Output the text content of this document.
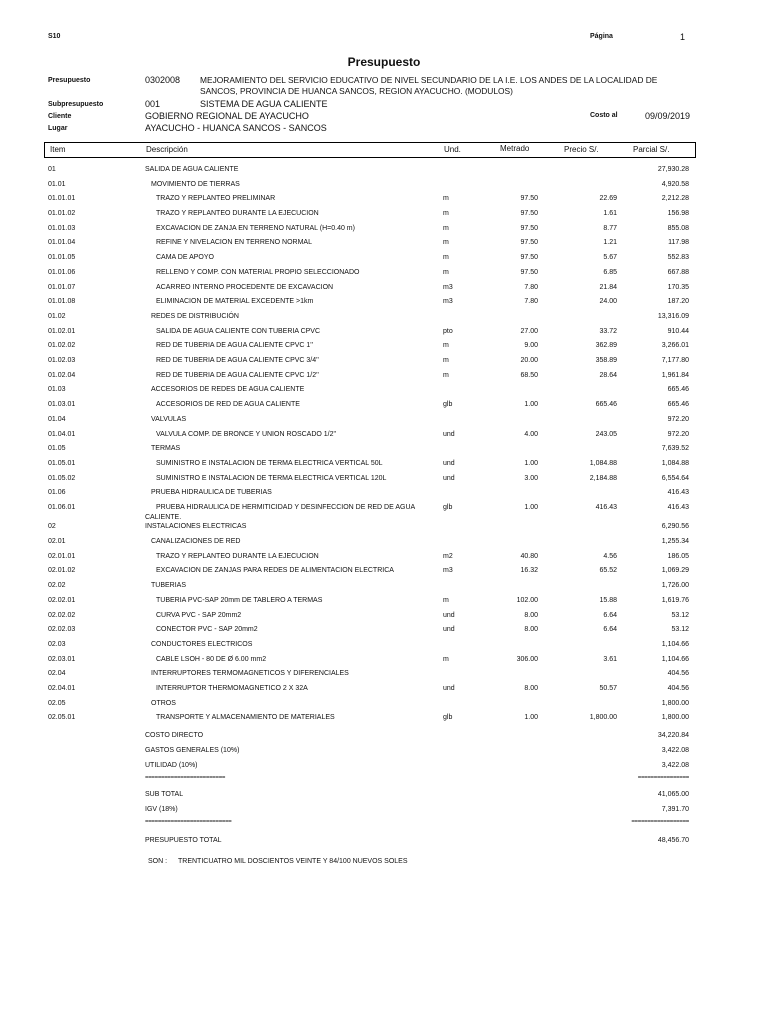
S10	Página	1
Presupuesto
Presupuesto	0302008 MEJORAMIENTO DEL SERVICIO EDUCATIVO DE NIVEL SECUNDARIO DE LA I.E. LOS ANDES DE LA LOCALIDAD DE SANCOS, PROVINCIA DE HUANCA SANCOS, REGION AYACUCHO. (MODULOS)
Subpresupuesto	001	SISTEMA DE AGUA CALIENTE
Cliente	GOBIERNO REGIONAL DE AYACUCHO	Costo al	09/09/2019
Lugar	AYACUCHO - HUANCA SANCOS - SANCOS
Item	Descripción	Und.	Metrado	Precio S/.	Parcial S/.
01	SALIDA DE AGUA CALIENTE	27,930.28
01.01	MOVIMIENTO DE TIERRAS	4,920.58
01.01.01	TRAZO Y REPLANTEO PRELIMINAR	m	97.50	22.69	2,212.28
01.01.02	TRAZO Y REPLANTEO DURANTE LA EJECUCION	m	97.50	1.61	156.98
01.01.03	EXCAVACION DE ZANJA EN TERRENO NATURAL (H=0.40 m)	m	97.50	8.77	855.08
01.01.04	REFINE Y NIVELACION EN TERRENO NORMAL	m	97.50	1.21	117.98
01.01.05	CAMA DE APOYO	m	97.50	5.67	552.83
01.01.06	RELLENO Y COMP. CON MATERIAL PROPIO SELECCIONADO	m	97.50	6.85	667.88
01.01.07	ACARREO INTERNO PROCEDENTE DE EXCAVACION	m3	7.80	21.84	170.35
01.01.08	ELIMINACION DE MATERIAL EXCEDENTE >1km	m3	7.80	24.00	187.20
01.02	REDES DE DISTRIBUCIÓN	13,316.09
01.02.01	SALIDA DE AGUA CALIENTE CON TUBERIA CPVC	pto	27.00	33.72	910.44
01.02.02	RED DE TUBERIA DE AGUA CALIENTE CPVC 1''	m	9.00	362.89	3,266.01
01.02.03	RED DE TUBERIA DE AGUA CALIENTE CPVC 3/4''	m	20.00	358.89	7,177.80
01.02.04	RED DE TUBERIA DE AGUA CALIENTE CPVC 1/2''	m	68.50	28.64	1,961.84
01.03	ACCESORIOS DE REDES DE AGUA CALIENTE	665.46
01.03.01	ACCESORIOS DE RED DE AGUA CALIENTE	glb	1.00	665.46	665.46
01.04	VALVULAS	972.20
01.04.01	VALVULA COMP. DE BRONCE Y UNION ROSCADO 1/2"	und	4.00	243.05	972.20
01.05	TERMAS	7,639.52
01.05.01	SUMINISTRO E INSTALACION DE TERMA ELECTRICA VERTICAL 50L	und	1.00	1,084.88	1,084.88
01.05.02	SUMINISTRO E INSTALACION DE TERMA ELECTRICA VERTICAL 120L	und	3.00	2,184.88	6,554.64
01.06	PRUEBA HIDRAULICA DE TUBERIAS	416.43
01.06.01	PRUEBA HIDRAULICA DE HERMITICIDAD Y DESINFECCION DE RED DE AGUA	glb	1.00	416.43	416.43
CALIENTE.
02	INSTALACIONES ELECTRICAS	6,290.56
02.01	CANALIZACIONES DE RED	1,255.34
02.01.01	TRAZO Y REPLANTEO DURANTE LA EJECUCION	m2	40.80	4.56	186.05
02.01.02	EXCAVACION DE ZANJAS PARA REDES DE ALIMENTACION ELECTRICA	m3	16.32	65.52	1,069.29
02.02	TUBERIAS	1,726.00
02.02.01	TUBERIA PVC-SAP 20mm DE TABLERO A TERMAS	m	102.00	15.88	1,619.76
02.02.02	CURVA PVC - SAP 20mm2	und	8.00	6.64	53.12
02.02.03	CONECTOR PVC - SAP 20mm2	und	8.00	6.64	53.12
02.03	CONDUCTORES ELECTRICOS	1,104.66
02.03.01	CABLE LSOH - 80 DE Ø 6.00 mm2	m	306.00	3.61	1,104.66
02.04	INTERRUPTORES TERMOMAGNETICOS Y DIFERENCIALES	404.56
02.04.01	INTERRUPTOR THERMOMAGNETICO 2 X 32A	und	8.00	50.57	404.56
02.05	OTROS	1,800.00
02.05.01	TRANSPORTE Y ALMACENAMIENTO DE MATERIALES	glb	1.00	1,800.00	1,800.00
COSTO DIRECTO	34,220.84
GASTOS GENERALES (10%)	3,422.08
UTILIDAD (10%)	3,422.08
=========================	================
SUB TOTAL	41,065.00
IGV (18%)	7,391.70
===========================	==================
PRESUPUESTO TOTAL	48,456.70
SON : TRENTICUATRO MIL DOSCIENTOS VEINTE Y 84/100 NUEVOS SOLES
